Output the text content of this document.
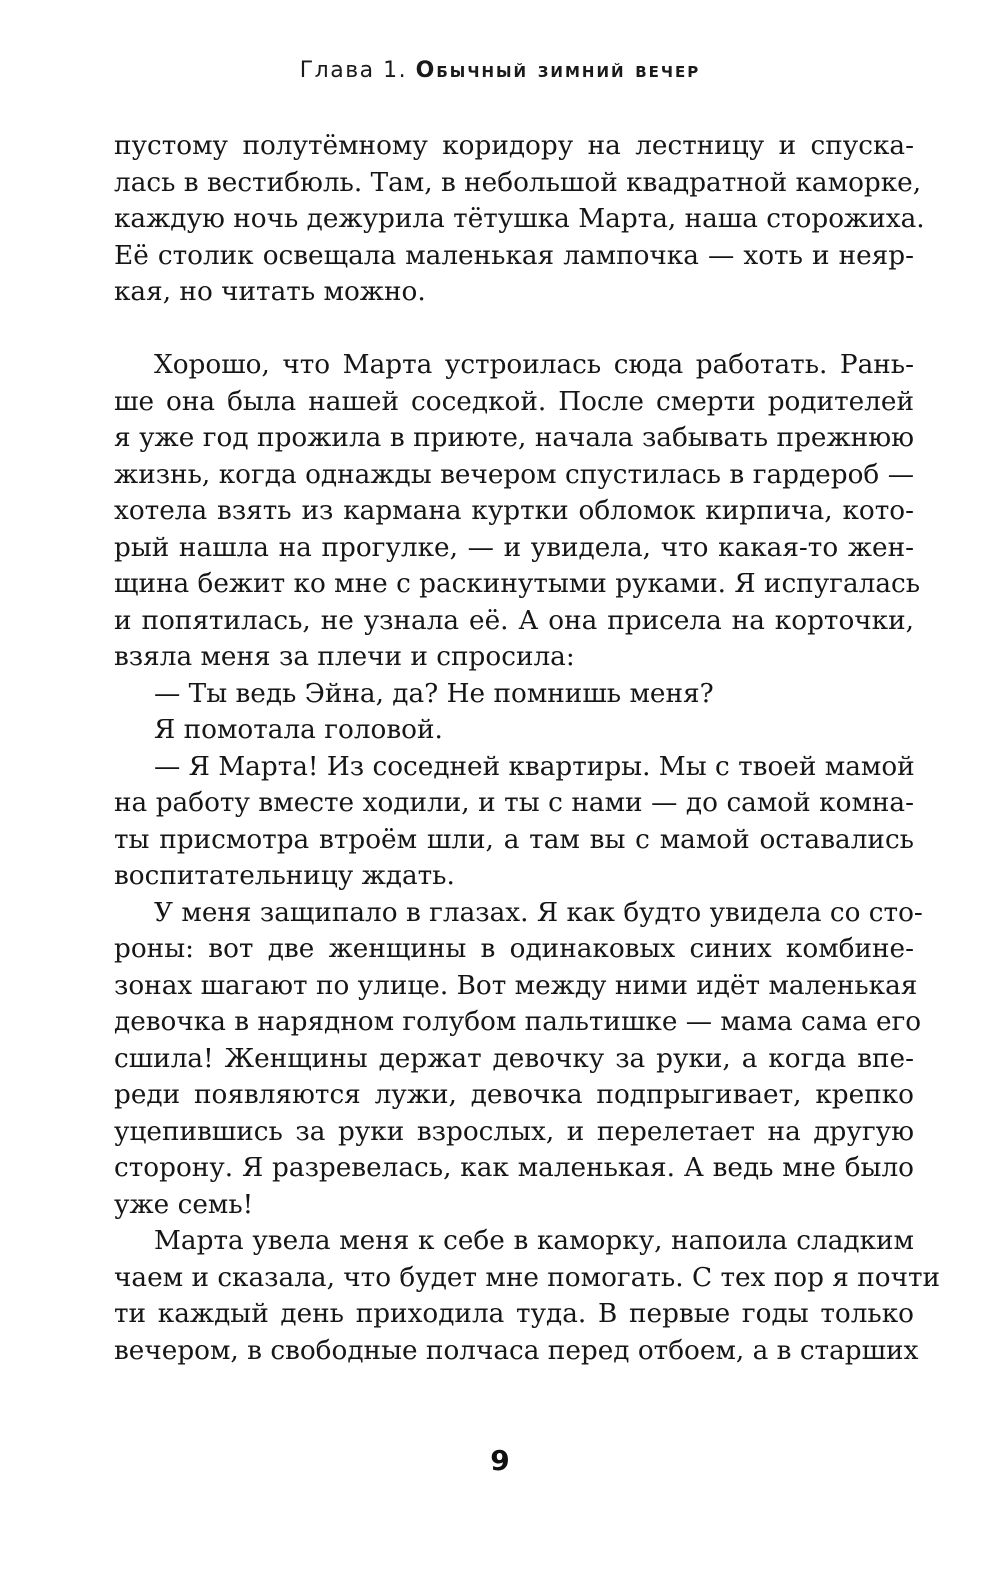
Глава 1. Обычный зимний вечер
пустому полутёмному коридору на лестницу и спуска-
лась в вестибюль. Там, в небольшой квадратной каморке,
каждую ночь дежурила тётушка Марта, наша сторожиха.
Её столик освещала маленькая лампочка — хоть и неяр-
кая, но читать можно.
Хорошо, что Марта устроилась сюда работать. Рань-
ше она была нашей соседкой. После смерти родителей
я уже год прожила в приюте, начала забывать прежнюю
жизнь, когда однажды вечером спустилась в гардероб —
хотела взять из кармана куртки обломок кирпича, кото-
рый нашла на прогулке, — и увидела, что какая-то жен-
щина бежит ко мне с раскинутыми руками. Я испугалась
и попятилась, не узнала её. А она присела на корточки,
взяла меня за плечи и спросила:
— Ты ведь Эйна, да? Не помнишь меня?
Я помотала головой.
— Я Марта! Из соседней квартиры. Мы с твоей мамой
на работу вместе ходили, и ты с нами — до самой комна-
ты присмотра втроём шли, а там вы с мамой оставались
воспитательницу ждать.
У меня защипало в глазах. Я как будто увидела со сто-
роны: вот две женщины в одинаковых синих комбине-
зонах шагают по улице. Вот между ними идёт маленькая
девочка в нарядном голубом пальтишке — мама сама его
сшила! Женщины держат девочку за руки, а когда впе-
реди появляются лужи, девочка подпрыгивает, крепко
уцепившись за руки взрослых, и перелетает на другую
сторону. Я разревелась, как маленькая. А ведь мне было
уже семь!
Марта увела меня к себе в каморку, напоила сладким
чаем и сказала, что будет мне помогать. С тех пор я почти
ти каждый день приходила туда. В первые годы только
вечером, в свободные полчаса перед отбоем, а в старших
9
